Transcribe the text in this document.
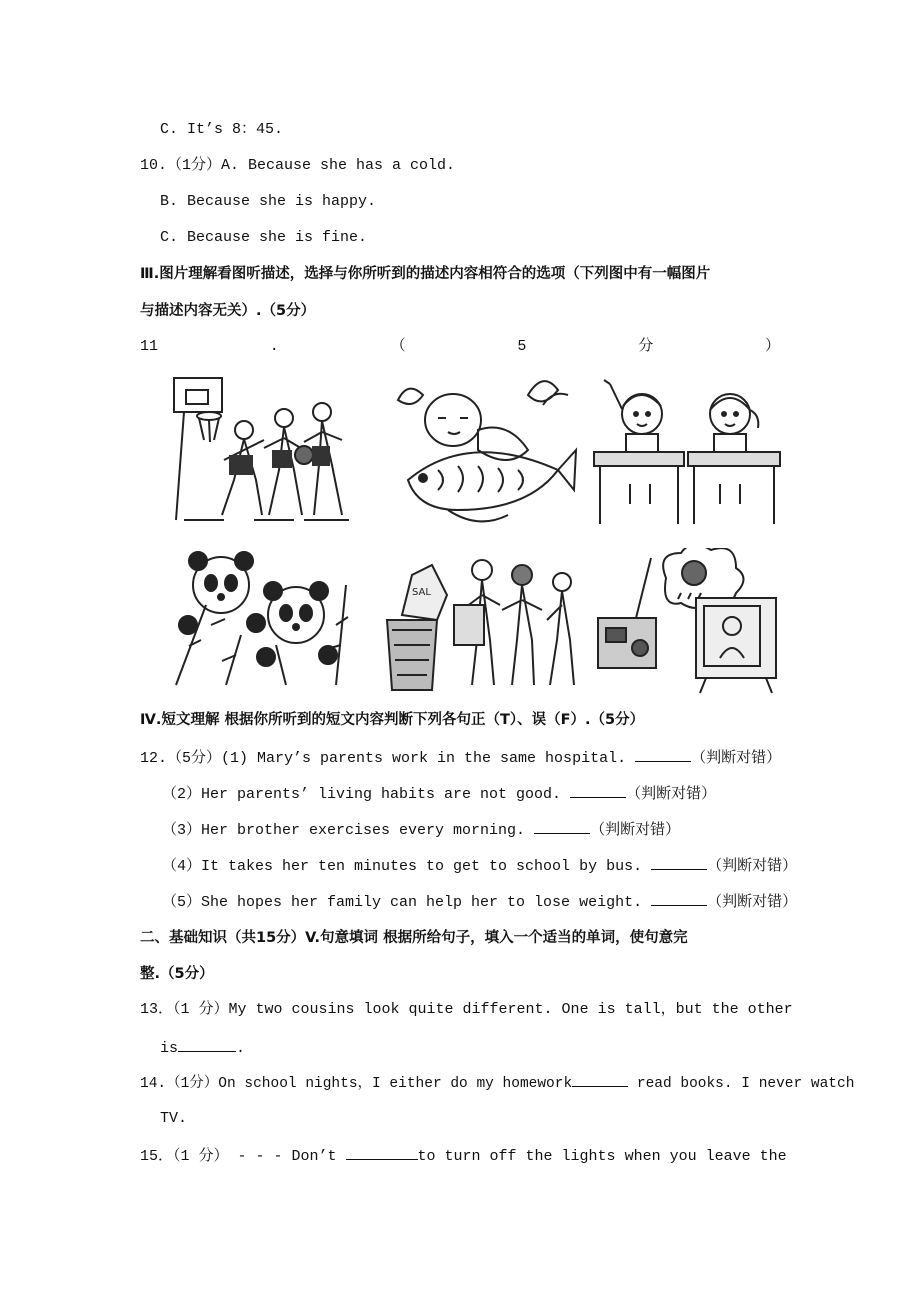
C. It’s 8：45.
10.（1分）A. Because she has a cold.
B. Because she is happy.
C. Because she is fine.
Ⅲ.图片理解看图听描述，选择与你所听到的描述内容相符合的选项（下列图中有一幅图片
与描述内容无关）.（5分）
11	.	（	5	分	）
SAL
Ⅳ.短文理解 根据你所听到的短文内容判断下列各句正（T）、误（F）.（5分）
12.（5分）(1) Mary’s parents work in the same hospital.	（判断对错）
（2）Her parents’ living habits are not good.	（判断对错）
（3）Her brother exercises every morning.	（判断对错）
（4）It takes her ten minutes to get to school by bus.	（判断对错）
（5）She hopes her family can help her to lose weight.	（判断对错）
二、基础知识（共15分）V.句意填词 根据所给句子，填入一个适当的单词，使句意完
整.（5分）
13．（1 分）My two cousins look quite different. One is tall，but the other
is	.
14.（1分）On school nights，I either do my homework	read books. I never watch
TV.
15．（1 分） - - - Don’t	to turn off the lights when you leave the
